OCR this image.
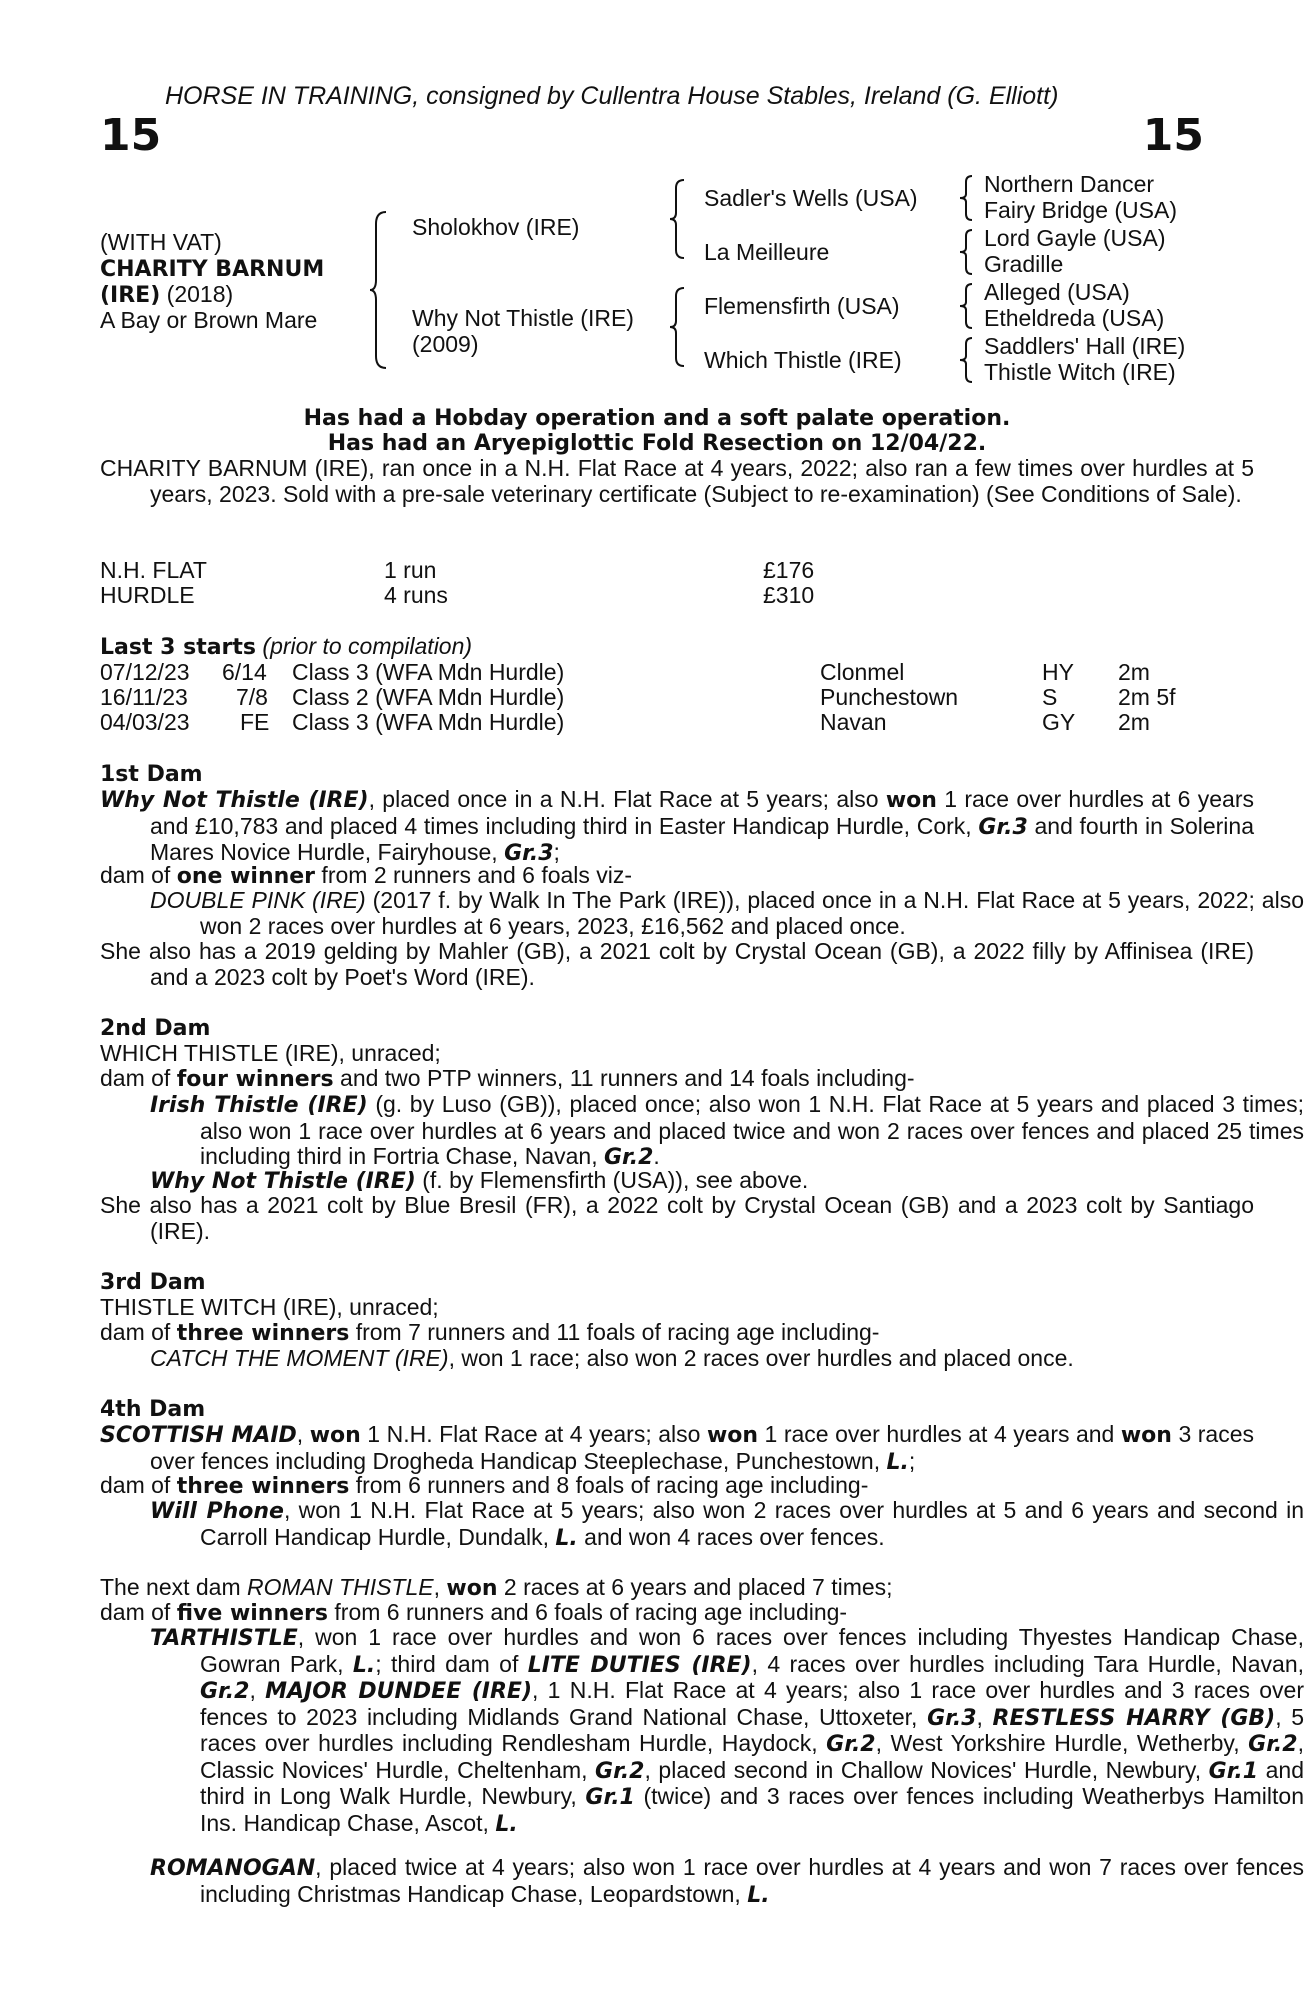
HORSE IN TRAINING, consigned by Cullentra House Stables, Ireland (G. Elliott)
15	15
(WITH VAT)
CHARITY BARNUM
(IRE) (2018)
A Bay or Brown Mare
Sholokhov (IRE)
Why Not Thistle (IRE)
(2009)
Sadler's Wells (USA)
La Meilleure
Flemensfirth (USA)
Which Thistle (IRE)
Northern Dancer
Fairy Bridge (USA)
Lord Gayle (USA)
Gradille
Alleged (USA)
Etheldreda (USA)
Saddlers' Hall (IRE)
Thistle Witch (IRE)
Has had a Hobday operation and a soft palate operation.
Has had an Aryepiglottic Fold Resection on 12/04/22.
CHARITY BARNUM (IRE), ran once in a N.H. Flat Race at 4 years, 2022; also ran a few times over hurdles at 5 years, 2023. Sold with a pre-sale veterinary certificate (Subject to re-examination) (See Conditions of Sale).
N.H. FLAT	1 run	£176
HURDLE	4 runs	£310
Last 3 starts (prior to compilation)
07/12/23 6/14 Class 3 (WFA Mdn Hurdle)	Clonmel	HY 2m
16/11/23 7/8 Class 2 (WFA Mdn Hurdle)	Punchestown	S	2m 5f
04/03/23 FE Class 3 (WFA Mdn Hurdle)	Navan	GY 2m
1st Dam
Why Not Thistle (IRE), placed once in a N.H. Flat Race at 5 years; also won 1 race over hurdles at 6 years and £10,783 and placed 4 times including third in Easter Handicap Hurdle, Cork, Gr.3 and fourth in Solerina Mares Novice Hurdle, Fairyhouse, Gr.3;
dam of one winner from 2 runners and 6 foals viz-
DOUBLE PINK (IRE) (2017 f. by Walk In The Park (IRE)), placed once in a N.H. Flat Race at 5 years, 2022; also won 2 races over hurdles at 6 years, 2023, £16,562 and placed once.
She also has a 2019 gelding by Mahler (GB), a 2021 colt by Crystal Ocean (GB), a 2022 filly by Affinisea (IRE) and a 2023 colt by Poet's Word (IRE).
2nd Dam
WHICH THISTLE (IRE), unraced;
dam of four winners and two PTP winners, 11 runners and 14 foals including-
Irish Thistle (IRE) (g. by Luso (GB)), placed once; also won 1 N.H. Flat Race at 5 years and placed 3 times; also won 1 race over hurdles at 6 years and placed twice and won 2 races over fences and placed 25 times including third in Fortria Chase, Navan, Gr.2.
Why Not Thistle (IRE) (f. by Flemensfirth (USA)), see above.
She also has a 2021 colt by Blue Bresil (FR), a 2022 colt by Crystal Ocean (GB) and a 2023 colt by Santiago (IRE).
3rd Dam
THISTLE WITCH (IRE), unraced;
dam of three winners from 7 runners and 11 foals of racing age including-
CATCH THE MOMENT (IRE), won 1 race; also won 2 races over hurdles and placed once.
4th Dam
SCOTTISH MAID, won 1 N.H. Flat Race at 4 years; also won 1 race over hurdles at 4 years and won 3 races over fences including Drogheda Handicap Steeplechase, Punchestown, L.;
dam of three winners from 6 runners and 8 foals of racing age including-
Will Phone, won 1 N.H. Flat Race at 5 years; also won 2 races over hurdles at 5 and 6 years and second in Carroll Handicap Hurdle, Dundalk, L. and won 4 races over fences.
The next dam ROMAN THISTLE, won 2 races at 6 years and placed 7 times;
dam of five winners from 6 runners and 6 foals of racing age including-
TARTHISTLE, won 1 race over hurdles and won 6 races over fences including Thyestes Handicap Chase, Gowran Park, L.; third dam of LITE DUTIES (IRE), 4 races over hurdles including Tara Hurdle, Navan, Gr.2, MAJOR DUNDEE (IRE), 1 N.H. Flat Race at 4 years; also 1 race over hurdles and 3 races over fences to 2023 including Midlands Grand National Chase, Uttoxeter, Gr.3, RESTLESS HARRY (GB), 5 races over hurdles including Rendlesham Hurdle, Haydock, Gr.2, West Yorkshire Hurdle, Wetherby, Gr.2, Classic Novices' Hurdle, Cheltenham, Gr.2, placed second in Challow Novices' Hurdle, Newbury, Gr.1 and third in Long Walk Hurdle, Newbury, Gr.1 (twice) and 3 races over fences including Weatherbys Hamilton Ins. Handicap Chase, Ascot, L.
ROMANOGAN, placed twice at 4 years; also won 1 race over hurdles at 4 years and won 7 races over fences including Christmas Handicap Chase, Leopardstown, L.
